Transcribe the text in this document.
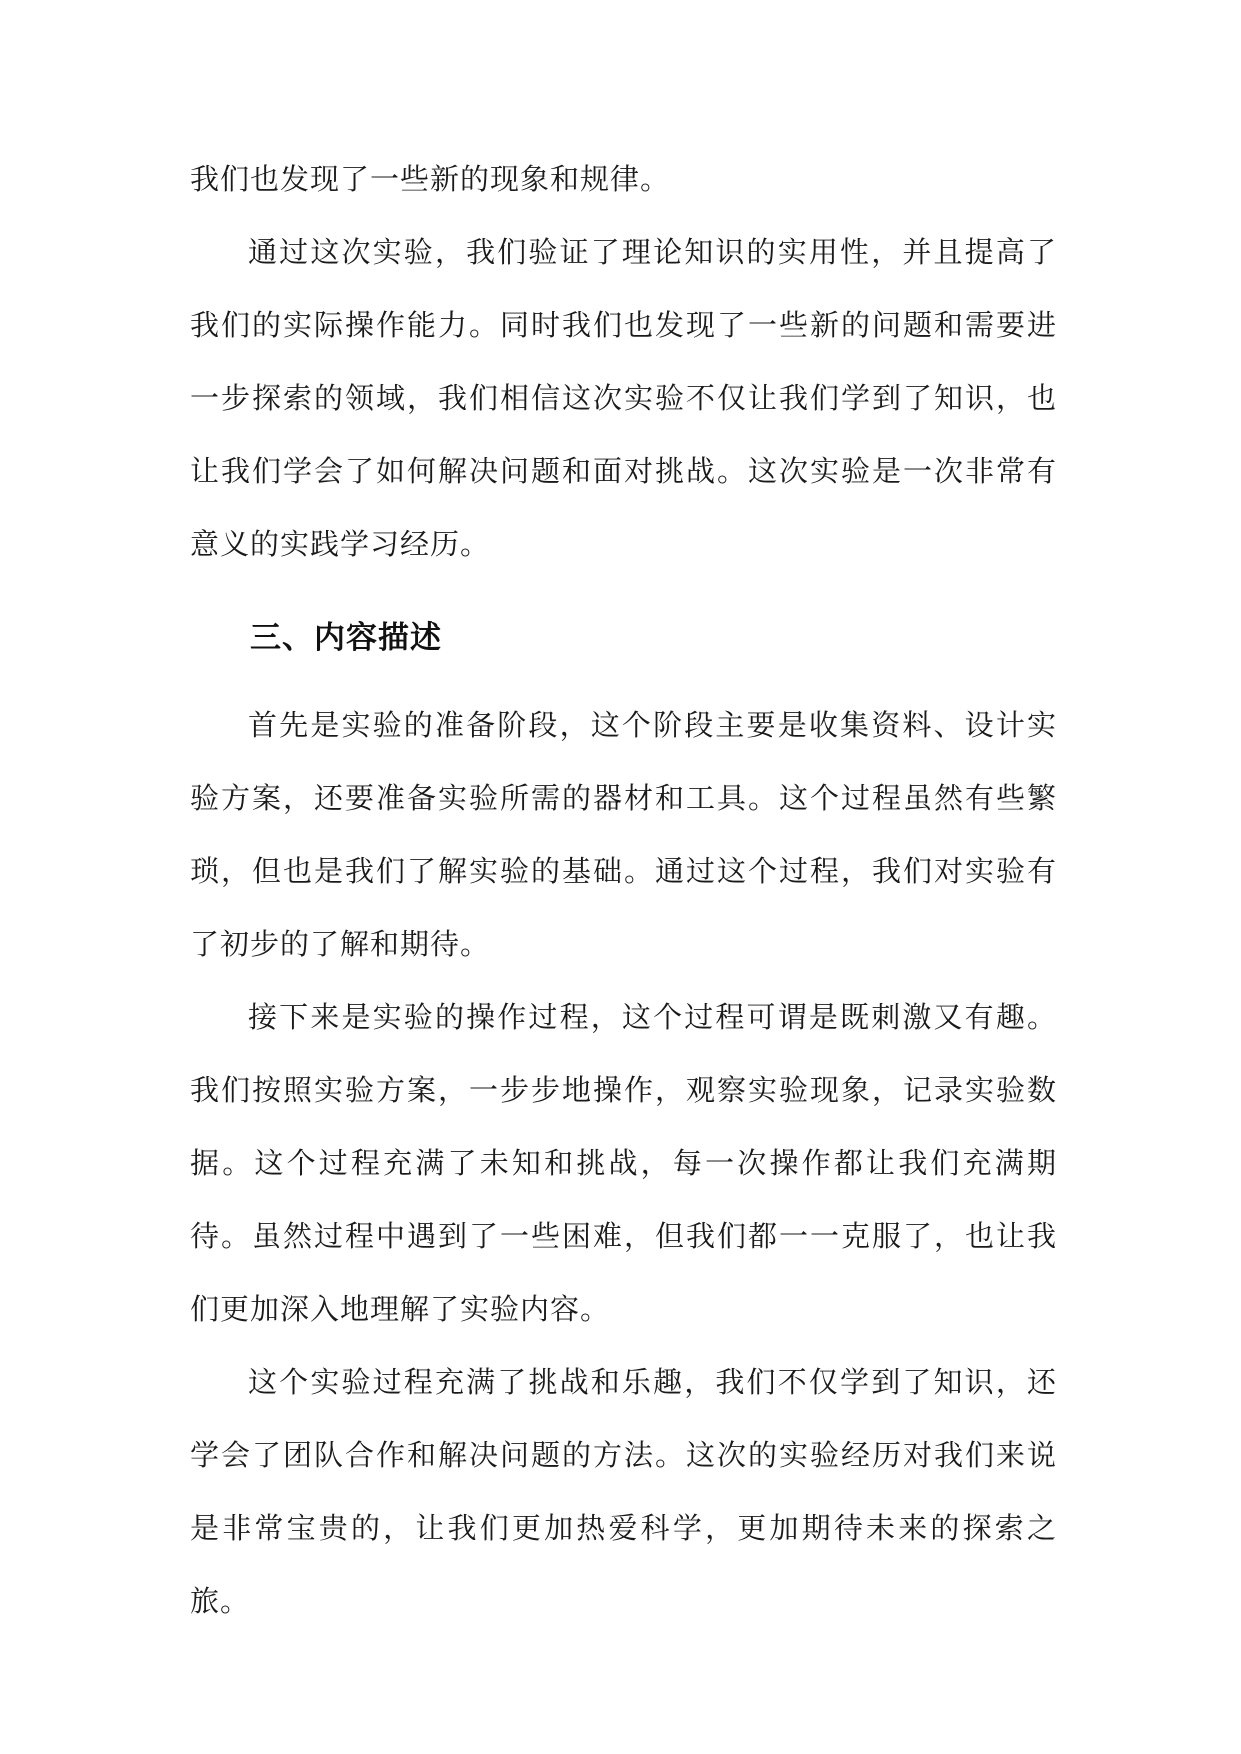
我们也发现了一些新的现象和规律。

通过这次实验，我们验证了理论知识的实用性，并且提高了我们的实际操作能力。同时我们也发现了一些新的问题和需要进一步探索的领域，我们相信这次实验不仅让我们学到了知识，也让我们学会了如何解决问题和面对挑战。这次实验是一次非常有意义的实践学习经历。

三、内容描述

首先是实验的准备阶段，这个阶段主要是收集资料、设计实验方案，还要准备实验所需的器材和工具。这个过程虽然有些繁琐，但也是我们了解实验的基础。通过这个过程，我们对实验有了初步的了解和期待。

接下来是实验的操作过程，这个过程可谓是既刺激又有趣。我们按照实验方案，一步步地操作，观察实验现象，记录实验数据。这个过程充满了未知和挑战，每一次操作都让我们充满期待。虽然过程中遇到了一些困难，但我们都一一克服了，也让我们更加深入地理解了实验内容。

这个实验过程充满了挑战和乐趣，我们不仅学到了知识，还学会了团队合作和解决问题的方法。这次的实验经历对我们来说是非常宝贵的，让我们更加热爱科学，更加期待未来的探索之旅。
